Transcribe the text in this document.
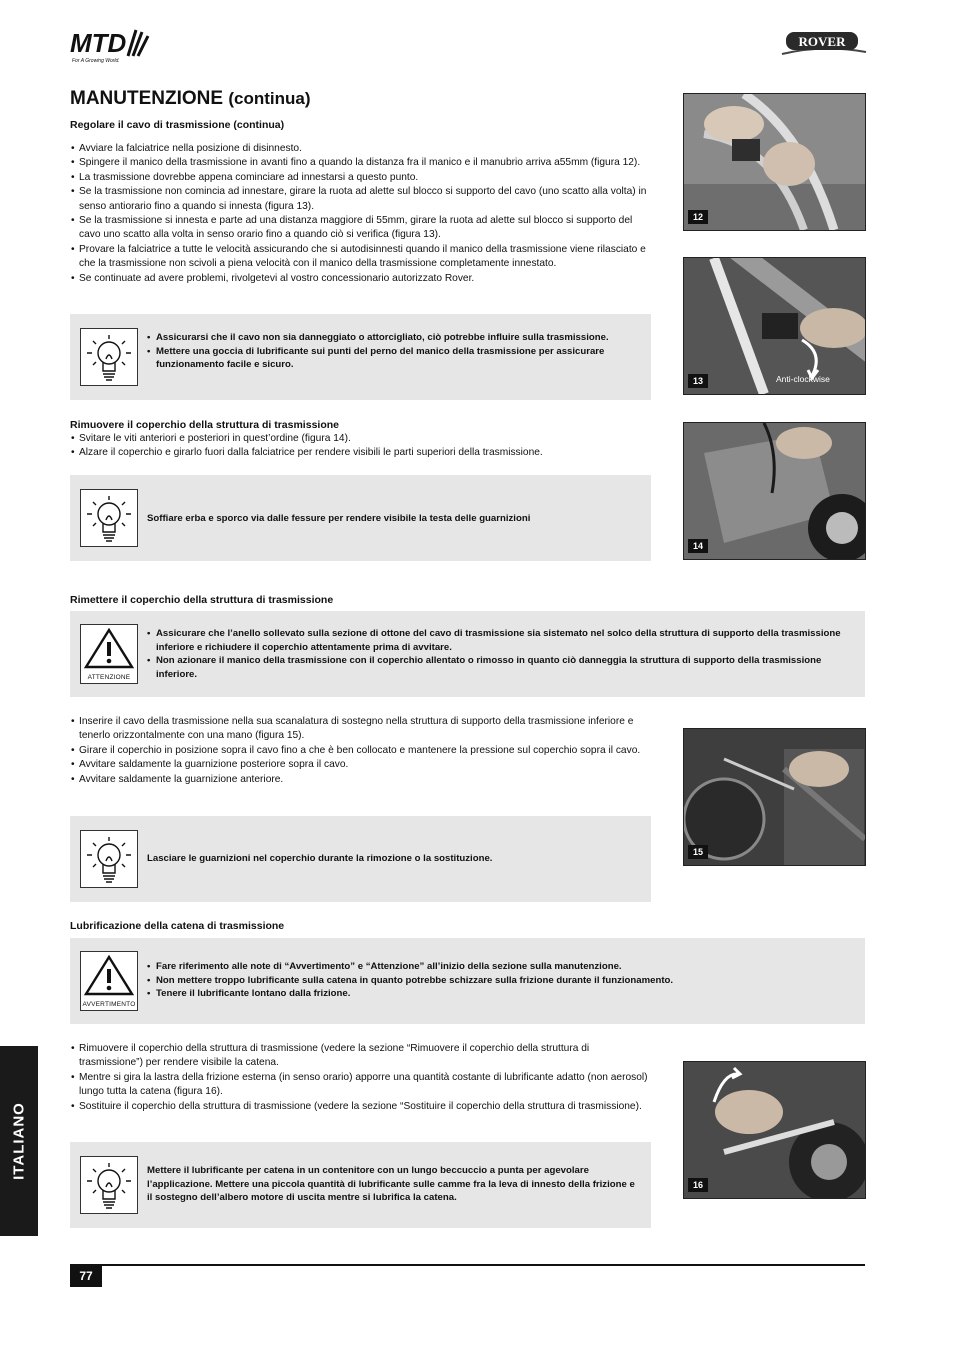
MTD
For A Growing World.
ROVER
MANUTENZIONE (continua)
Regolare il cavo di trasmissione (continua)
• Avviare la falciatrice nella posizione di disinnesto.
• Spingere il manico della trasmissione in avanti fino a quando la distanza fra il manico e il manubrio arriva a55mm (figura 12).
• La trasmissione dovrebbe appena cominciare ad innestarsi a questo punto.
• Se la trasmissione non comincia ad innestare, girare la ruota ad alette sul blocco si supporto del cavo (uno scatto alla volta) in senso antiorario fino a quando si innesta (figura 13).
• Se la trasmissione si innesta e parte ad una distanza maggiore di 55mm, girare la ruota ad alette sul blocco si supporto del cavo uno scatto alla volta in senso orario fino a quando ciò si verifica (figura 13).
• Provare la falciatrice a tutte le velocità assicurando che si autodisinnesti quando il manico della trasmissione viene rilasciato e che la trasmissione non scivoli a piena velocità con il manico della trasmissione completamente innestato.
• Se continuate ad avere problemi, rivolgetevi al vostro concessionario autorizzato Rover.
• Assicurarsi che il cavo non sia danneggiato o attorcigliato, ciò potrebbe influire sulla trasmissione.
• Mettere una goccia di lubrificante sui punti del perno del manico della trasmissione per assicurare funzionamento facile e sicuro.
Rimuovere il coperchio della struttura di trasmissione
• Svitare le viti anteriori e posteriori in quest’ordine (figura 14).
• Alzare il coperchio e girarlo fuori dalla falciatrice per rendere visibili le parti superiori della trasmissione.
Soffiare erba e sporco via dalle fessure per rendere visibile la testa delle guarnizioni
Rimettere il coperchio della struttura di trasmissione
ATTENZIONE
• Assicurare che l’anello sollevato sulla sezione di ottone del cavo di trasmissione sia sistemato nel solco della struttura di supporto della trasmissione inferiore e richiudere il coperchio attentamente prima di avvitare.
• Non azionare il manico della trasmissione con il coperchio allentato o rimosso in quanto ciò danneggia la struttura di supporto della trasmissione inferiore.
• Inserire il cavo della trasmissione nella sua scanalatura di sostegno nella struttura di supporto della trasmissione inferiore e tenerlo orizzontalmente con una mano (figura 15).
• Girare il coperchio in posizione sopra il cavo fino a che è ben collocato e mantenere la pressione sul coperchio sopra il cavo.
• Avvitare saldamente la guarnizione posteriore sopra il cavo.
• Avvitare saldamente la guarnizione anteriore.
Lasciare le guarnizioni nel coperchio durante la rimozione o la sostituzione.
Lubrificazione della catena di trasmissione
AVVERTIMENTO
• Fare riferimento alle note di “Avvertimento” e “Attenzione” all’inizio della sezione sulla manutenzione.
• Non mettere troppo lubrificante sulla catena in quanto potrebbe schizzare sulla frizione durante il funzionamento.
• Tenere il lubrificante lontano dalla frizione.
• Rimuovere il coperchio della struttura di trasmissione (vedere la sezione “Rimuovere il coperchio della struttura di trasmissione”) per rendere visibile la catena.
• Mentre si gira la lastra della frizione esterna (in senso orario) apporre una quantità costante di lubrificante adatto (non aerosol) lungo tutta la catena (figura 16).
• Sostituire il coperchio della struttura di trasmissione (vedere la sezione “Sostituire il coperchio della struttura di trasmissione).
Mettere il lubrificante per catena in un contenitore con un lungo beccuccio a punta per agevolare l’applicazione. Mettere una piccola quantità di lubrificante sulle camme fra la leva di innesto della frizione e il sostegno dell’albero motore di uscita mentre si lubrifica la catena.
12
13	Anti-clockwise
14
15
16
ITALIANO
77
